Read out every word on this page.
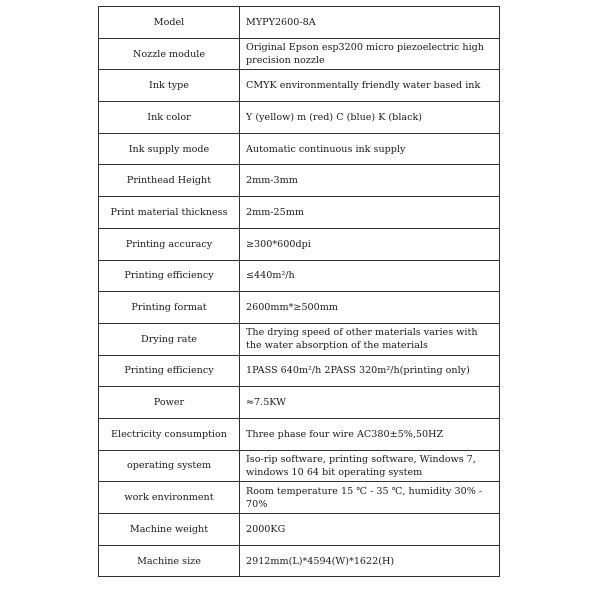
Model	MYPY2600-8A
Nozzle module	Original Epson esp3200 micro piezoelectric high precision nozzle
Ink type	CMYK environmentally friendly water based ink
Ink color	Y (yellow) m (red) C (blue) K (black)
Ink supply mode	Automatic continuous ink supply
Printhead Height	2mm-3mm
Print material thickness	2mm-25mm
Printing accuracy	≥300*600dpi
Printing efficiency	≤440m²/h
Printing format	2600mm*≥500mm
Drying rate	The drying speed of other materials varies with the water absorption of the materials
Printing efficiency	1PASS 640m²/h 2PASS 320m²/h(printing only)
Power	≈7.5KW
Electricity consumption	Three phase four wire AC380±5%,50HZ
operating system	Iso-rip software, printing software, Windows 7, windows 10 64 bit operating system
work environment	Room temperature 15 ℃ - 35 ℃, humidity 30% - 70%
Machine weight	2000KG
Machine size	2912mm(L)*4594(W)*1622(H)
